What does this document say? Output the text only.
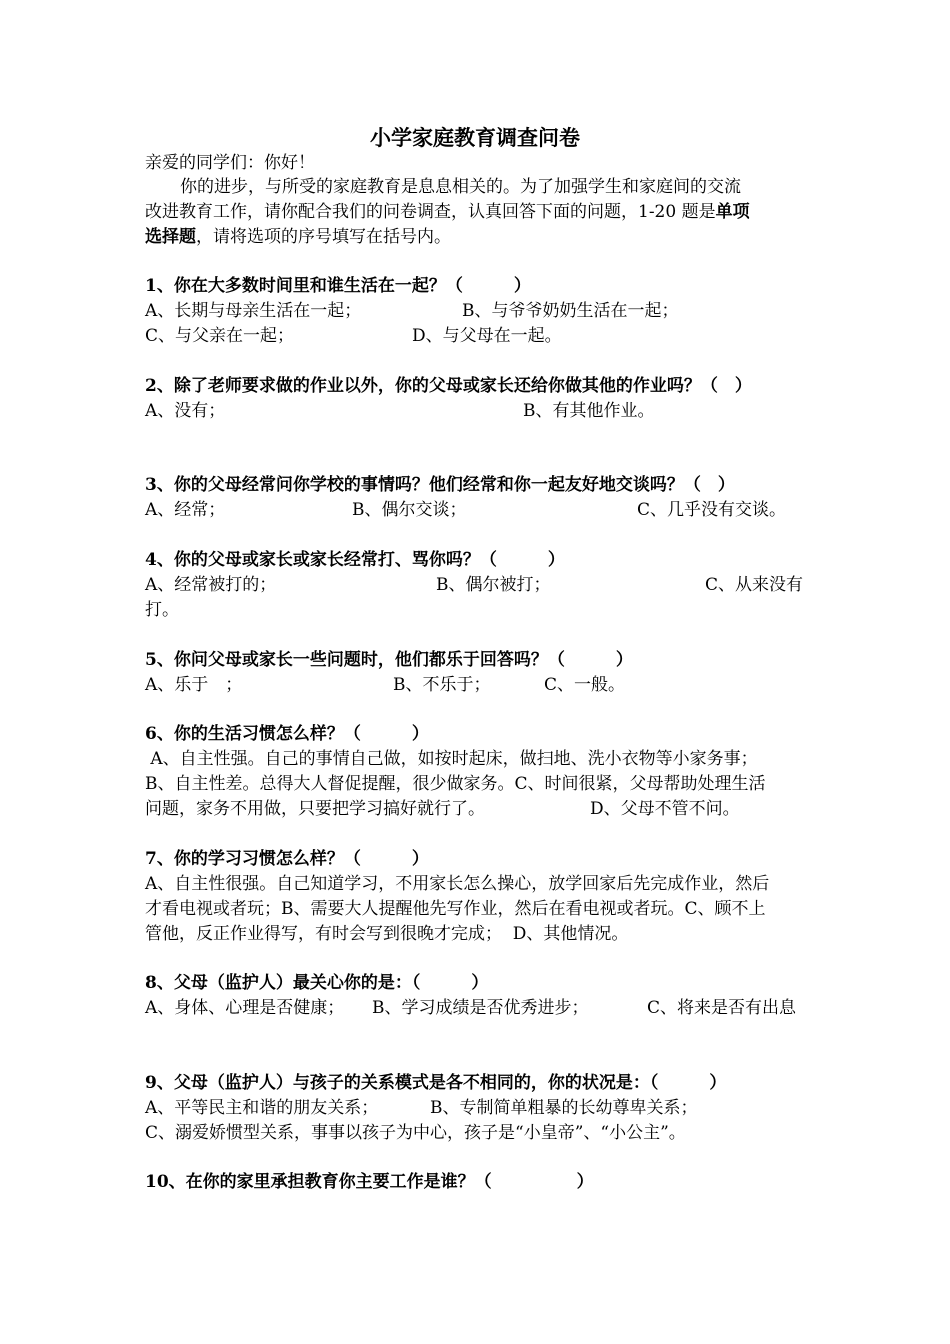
小学家庭教育调查问卷
亲爱的同学们：你好！
你的进步，与所受的家庭教育是息息相关的。为了加强学生和家庭间的交流
改进教育工作，请你配合我们的问卷调查，认真回答下面的问题，1-20 题是单项
选择题，请将选项的序号填写在括号内。
1、你在大多数时间里和谁生活在一起？（　　　）
A、长期与母亲生活在一起；	B、与爷爷奶奶生活在一起；
C、与父亲在一起；	D、与父母在一起。
2、除了老师要求做的作业以外，你的父母或家长还给你做其他的作业吗？（　）
A、没有；	B、有其他作业。
3、你的父母经常问你学校的事情吗？他们经常和你一起友好地交谈吗？（　）
A、经常；	B、偶尔交谈；	C、几乎没有交谈。
4、你的父母或家长或家长经常打、骂你吗？（　　　）
A、经常被打的；	B、偶尔被打；	C、从来没有
打。
5、你问父母或家长一些问题时，他们都乐于回答吗？（　　　）
A、乐于　；	B、不乐于；	C、一般。
6、你的生活习惯怎么样？（　　　）
A、自主性强。自己的事情自己做，如按时起床，做扫地、洗小衣物等小家务事；
B、自主性差。总得大人督促提醒，很少做家务。C、时间很紧，父母帮助处理生活
问题，家务不用做，只要把学习搞好就行了。	D、父母不管不问。
7、你的学习习惯怎么样？（　　　）
A、自主性很强。自己知道学习，不用家长怎么操心，放学回家后先完成作业，然后
才看电视或者玩；B、需要大人提醒他先写作业，然后在看电视或者玩。C、顾不上
管他，反正作业得写，有时会写到很晚才完成；  D、其他情况。
8、父母（监护人）最关心你的是：（　　　）
A、身体、心理是否健康； B、学习成绩是否优秀进步；	C、将来是否有出息
9、父母（监护人）与孩子的关系模式是各不相同的，你的状况是：（　　　）
A、平等民主和谐的朋友关系；	B、专制简单粗暴的长幼尊卑关系；
C、溺爱娇惯型关系，事事以孩子为中心，孩子是“小皇帝”、“小公主”。
10、在你的家里承担教育你主要工作是谁？（　　　　　）
